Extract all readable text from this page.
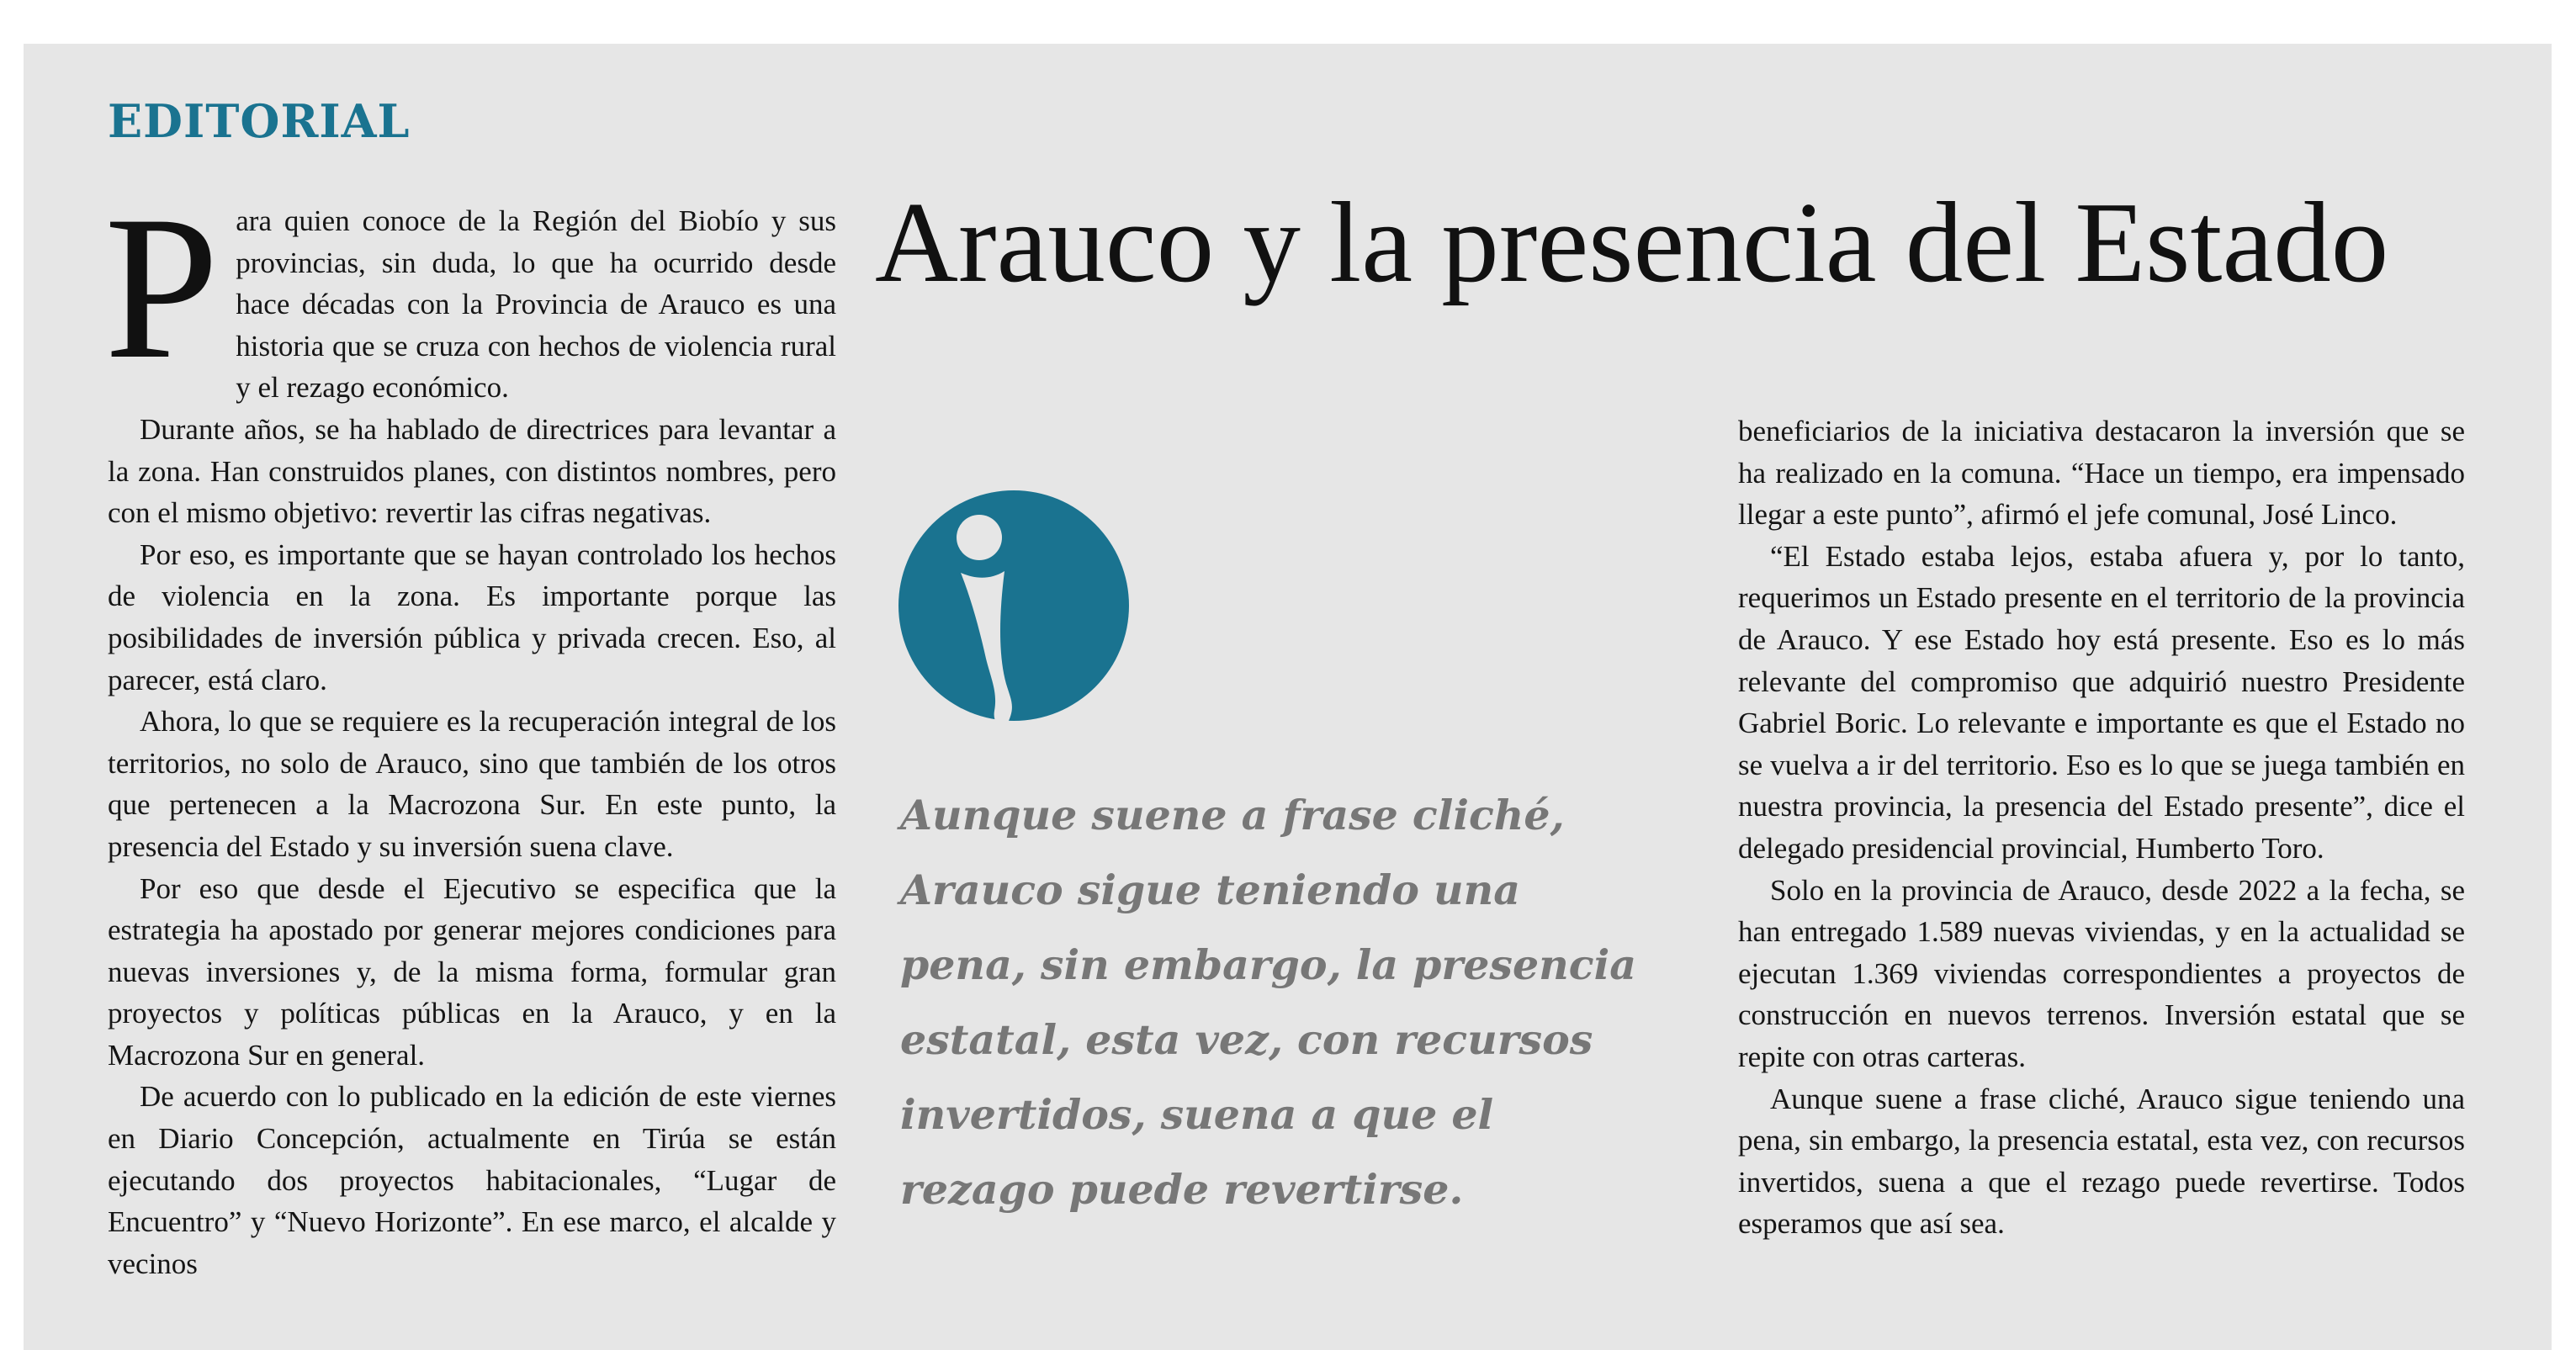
EDITORIAL
Arauco y la presencia del Estado

Para quien conoce de la Región del Biobío y sus provincias, sin duda, lo que ha ocurrido desde hace décadas con la Provincia de Arauco es una historia que se cruza con hechos de violencia rural y el rezago económico.

Durante años, se ha hablado de directrices para levantar a la zona. Han construidos planes, con distintos nombres, pero con el mismo objetivo: revertir las cifras negativas.

Por eso, es importante que se hayan controlado los hechos de violencia en la zona. Es importante porque las posibilidades de inversión pública y privada crecen. Eso, al parecer, está claro.

Ahora, lo que se requiere es la recuperación integral de los territorios, no solo de Arauco, sino que también de los otros que pertenecen a la Macrozona Sur. En este punto, la presencia del Estado y su inversión suena clave.

Por eso que desde el Ejecutivo se especifica que la estrategia ha apostado por generar mejores condiciones para nuevas inversiones y, de la misma forma, formular gran proyectos y políticas públicas en la Arauco, y en la Macrozona Sur en general.

De acuerdo con lo publicado en la edición de este viernes en Diario Concepción, actualmente en Tirúa se están ejecutando dos proyectos habitacionales, “Lugar de Encuentro” y “Nuevo Horizonte”. En ese marco, el alcalde y vecinos

Aunque suene a frase cliché, Arauco sigue teniendo una pena, sin embargo, la presencia estatal, esta vez, con recursos invertidos, suena a que el rezago puede revertirse.

beneficiarios de la iniciativa destacaron la inversión que se ha realizado en la comuna. “Hace un tiempo, era impensado llegar a este punto”, afirmó el jefe comunal, José Linco.

“El Estado estaba lejos, estaba afuera y, por lo tanto, requerimos un Estado presente en el territorio de la provincia de Arauco. Y ese Estado hoy está presente. Eso es lo más relevante del compromiso que adquirió nuestro Presidente Gabriel Boric. Lo relevante e importante es que el Estado no se vuelva a ir del territorio. Eso es lo que se juega también en nuestra provincia, la presencia del Estado presente”, dice el delegado presidencial provincial, Humberto Toro.

Solo en la provincia de Arauco, desde 2022 a la fecha, se han entregado 1.589 nuevas viviendas, y en la actualidad se ejecutan 1.369 viviendas correspondientes a proyectos de construcción en nuevos terrenos. Inversión estatal que se repite con otras carteras.

Aunque suene a frase cliché, Arauco sigue teniendo una pena, sin embargo, la presencia estatal, esta vez, con recursos invertidos, suena a que el rezago puede revertirse. Todos esperamos que así sea.
